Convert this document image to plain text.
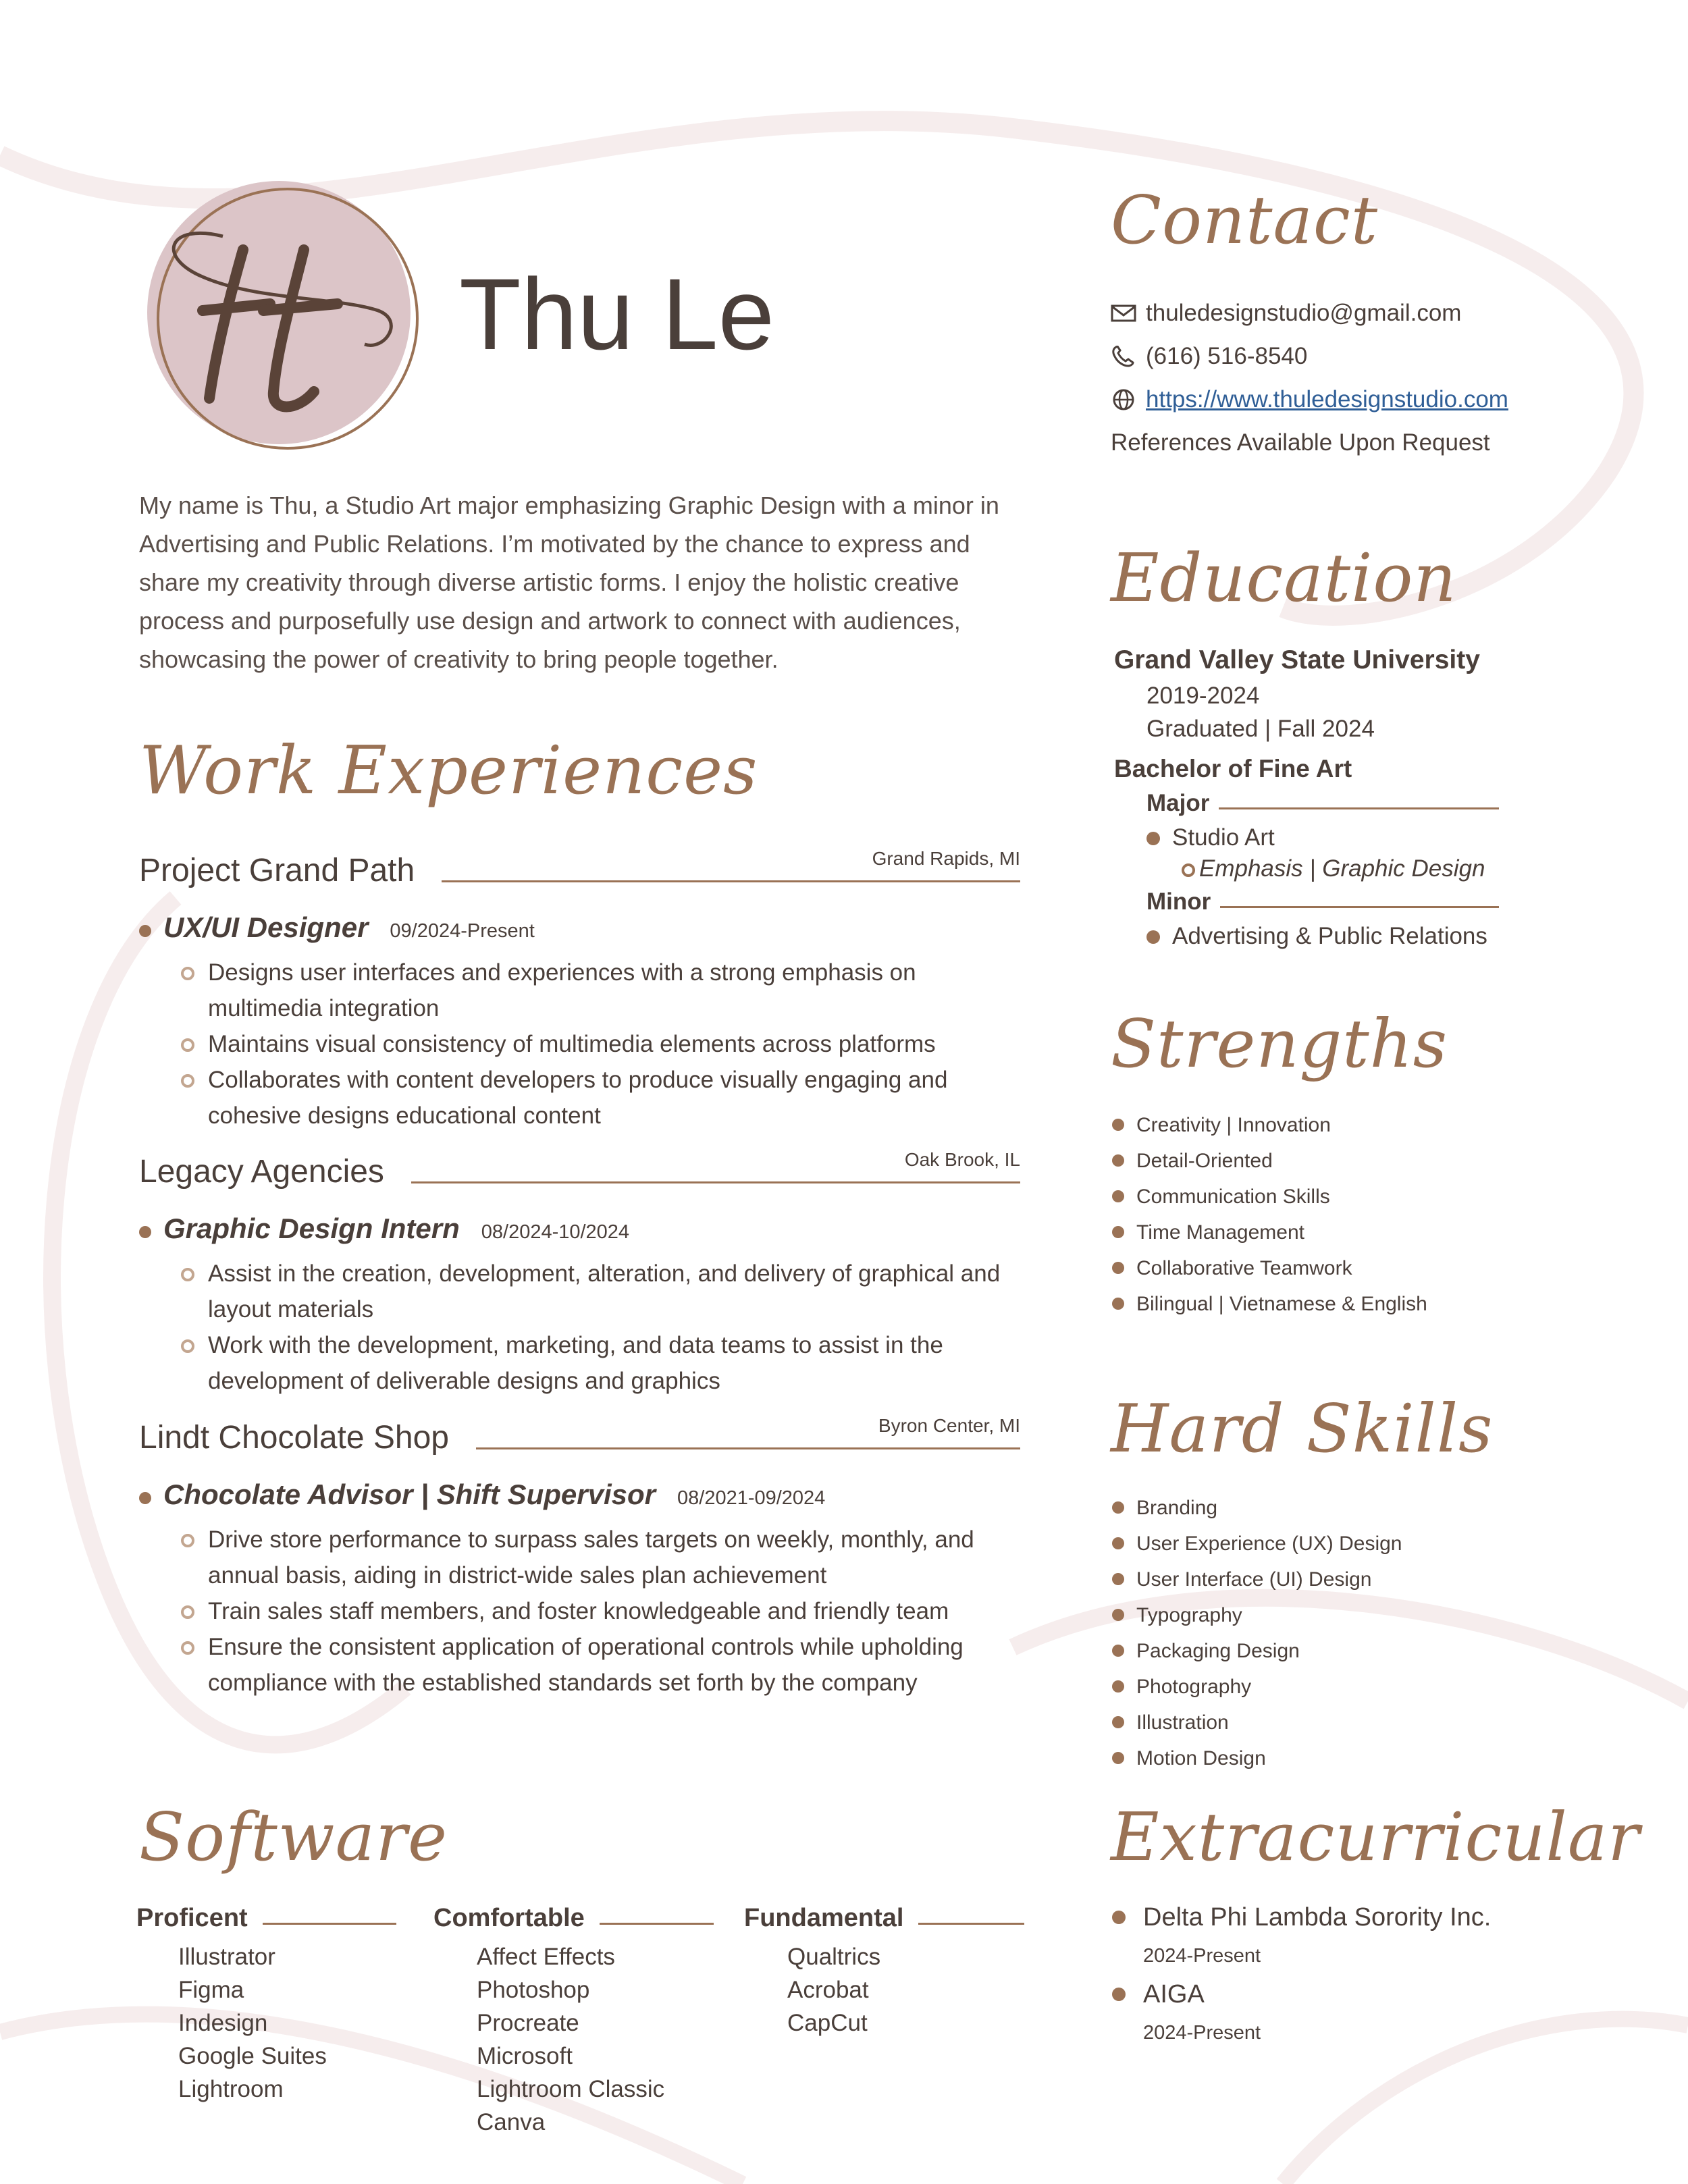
Thu Le
My name is Thu, a Studio Art major emphasizing Graphic Design with a minor in Advertising and Public Relations. I’m motivated by the chance to express and share my creativity through diverse artistic forms. I enjoy the holistic creative process and purposefully use design and artwork to connect with audiences, showcasing the power of creativity to bring people together.
Work Experiences
Project Grand Path	Grand Rapids, MI
UX/UI Designer 09/2024-Present
Designs user interfaces and experiences with a strong emphasis on multimedia integration
Maintains visual consistency of multimedia elements across platforms
Collaborates with content developers to produce visually engaging and cohesive designs educational content
Legacy Agencies	Oak Brook, IL
Graphic Design Intern 08/2024-10/2024
Assist in the creation, development, alteration, and delivery of graphical and layout materials
Work with the development, marketing, and data teams to assist in the development of deliverable designs and graphics
Lindt Chocolate Shop	Byron Center, MI
Chocolate Advisor | Shift Supervisor 08/2021-09/2024
Drive store performance to surpass sales targets on weekly, monthly, and annual basis, aiding in district-wide sales plan achievement
Train sales staff members, and foster knowledgeable and friendly team
Ensure the consistent application of operational controls while upholding compliance with the established standards set forth by the company
Software
Proficent
Illustrator
Figma
Indesign
Google Suites
Lightroom
Comfortable
Affect Effects
Photoshop
Procreate
Microsoft
Lightroom Classic
Canva
Fundamental
Qualtrics
Acrobat
CapCut
Contact
thuledesignstudio@gmail.com
(616) 516-8540
https://www.thuledesignstudio.com
References Available Upon Request
Education
Grand Valley State University
2019-2024
Graduated | Fall 2024
Bachelor of Fine Art
Major
Studio Art
Emphasis | Graphic Design
Minor
Advertising & Public Relations
Strengths
Creativity | Innovation
Detail-Oriented
Communication Skills
Time Management
Collaborative Teamwork
Bilingual | Vietnamese & English
Hard Skills
Branding
User Experience (UX) Design
User Interface (UI) Design
Typography
Packaging Design
Photography
Illustration
Motion Design
Extracurricular
Delta Phi Lambda Sorority Inc.
2024-Present
AIGA
2024-Present
